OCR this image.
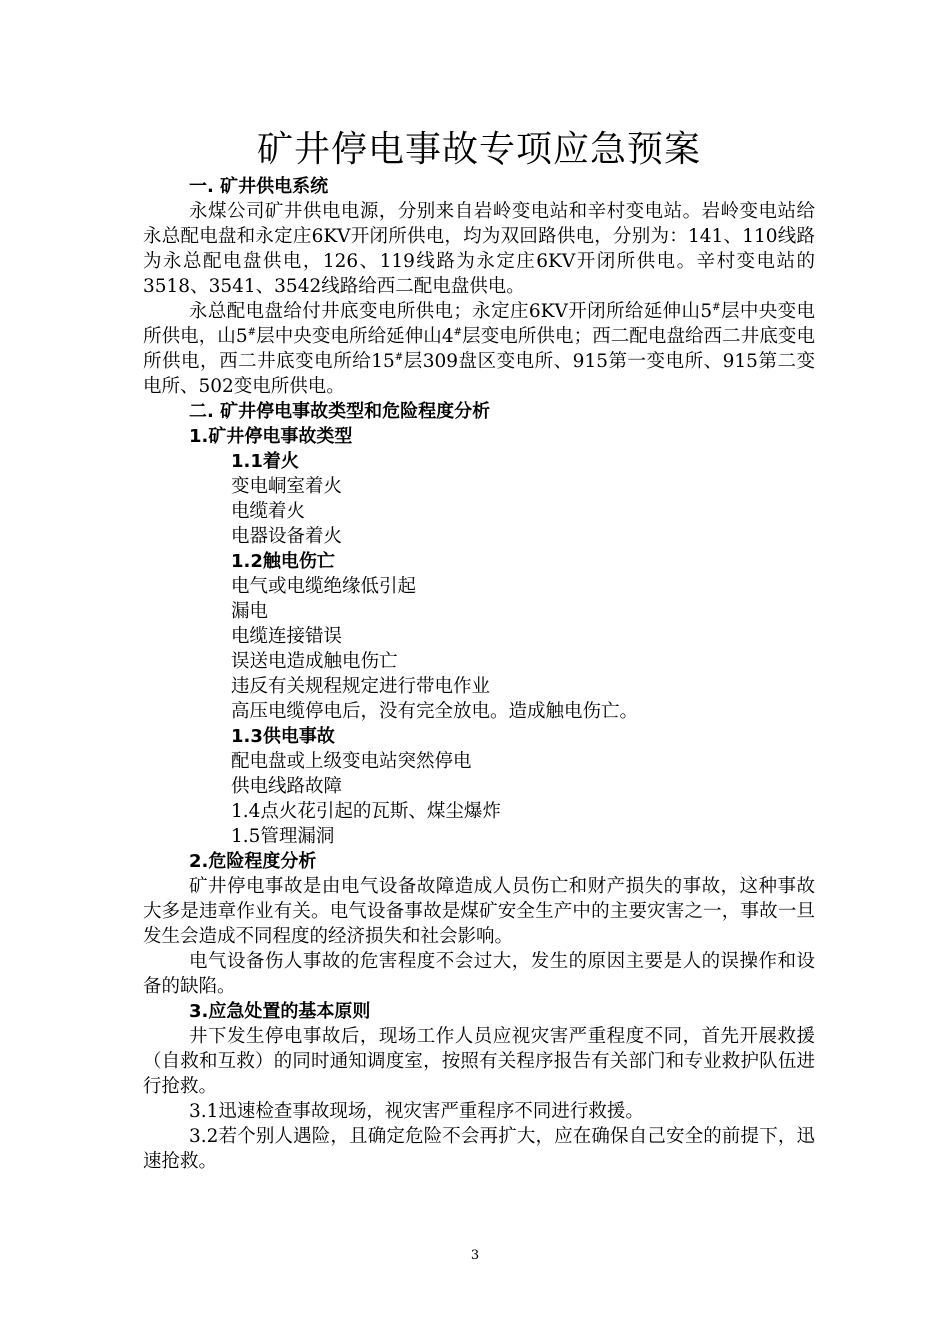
矿井停电事故专项应急预案

一. 矿井供电系统

永煤公司矿井供电电源，分别来自岩岭变电站和辛村变电站。岩岭变电站给永总配电盘和永定庄6KV开闭所供电，均为双回路供电，分别为：141、110线路为永总配电盘供电，126、119线路为永定庄6KV开闭所供电。辛村变电站的3518、3541、3542线路给西二配电盘供电。

永总配电盘给付井底变电所供电；永定庄6KV开闭所给延伸山5#层中央变电所供电，山5#层中央变电所给延伸山4#层变电所供电；西二配电盘给西二井底变电所供电，西二井底变电所给15#层309盘区变电所、915第一变电所、915第二变电所、502变电所供电。

二. 矿井停电事故类型和危险程度分析

1.矿井停电事故类型

1.1着火

变电峒室着火

电缆着火

电器设备着火

1.2触电伤亡

电气或电缆绝缘低引起

漏电

电缆连接错误

误送电造成触电伤亡

违反有关规程规定进行带电作业

高压电缆停电后，没有完全放电。造成触电伤亡。

1.3供电事故

配电盘或上级变电站突然停电

供电线路故障

1.4点火花引起的瓦斯、煤尘爆炸

1.5管理漏洞

2.危险程度分析

矿井停电事故是由电气设备故障造成人员伤亡和财产损失的事故，这种事故大多是违章作业有关。电气设备事故是煤矿安全生产中的主要灾害之一，事故一旦发生会造成不同程度的经济损失和社会影响。

电气设备伤人事故的危害程度不会过大，发生的原因主要是人的误操作和设备的缺陷。

3.应急处置的基本原则

井下发生停电事故后，现场工作人员应视灾害严重程度不同，首先开展救援（自救和互救）的同时通知调度室，按照有关程序报告有关部门和专业救护队伍进行抢救。

3.1迅速检查事故现场，视灾害严重程序不同进行救援。

3.2若个别人遇险，且确定危险不会再扩大，应在确保自己安全的前提下，迅速抢救。

3
